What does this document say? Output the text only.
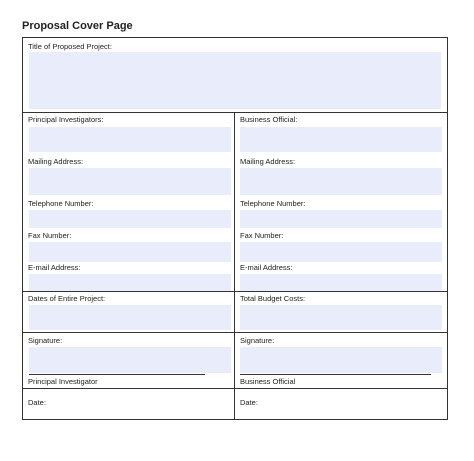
Proposal Cover Page
Title of Proposed Project:
Principal Investigators:
Mailing Address:
Telephone Number:
Fax Number:
E-mail Address:
Business Official:
Mailing Address:
Telephone Number:
Fax Number:
E-mail Address:
Dates of Entire Project:	Total Budget Costs:
Signature:
Principal Investigator
Signature:
Business Official
Date:	Date:
